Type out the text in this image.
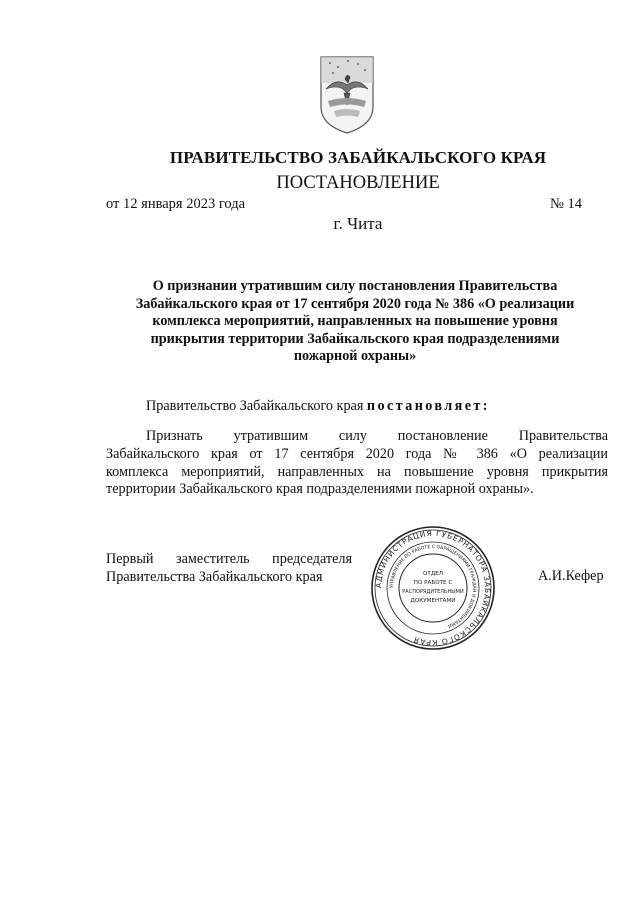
ПРАВИТЕЛЬСТВО ЗАБАЙКАЛЬСКОГО КРАЯ
ПОСТАНОВЛЕНИЕ
от 12 января 2023 года	№ 14
г. Чита
О признании утратившим силу постановления Правительства
Забайкальского края от 17 сентября 2020 года № 386 «О реализации
комплекса мероприятий, направленных на повышение уровня
прикрытия территории Забайкальского края подразделениями
пожарной охраны»
Правительство Забайкальского края постановляет:
Признать утратившим силу постановление Правительства
Забайкальского края от 17 сентября 2020 года № 386 «О реализации
комплекса мероприятий, направленных на повышение уровня прикрытия
территории Забайкальского края подразделениями пожарной охраны».
Первый заместитель председателя
Правительства Забайкальского края	А.И.Кефер
АДМИНИСТРАЦИЯ ГУБЕРНАТОРА ЗАБАЙКАЛЬСКОГО КРАЯ
УПРАВЛЕНИЕ ПО РАБОТЕ С ОБРАЩЕНИЯМИ ГРАЖДАН И ДОКУМЕНТАМИ
ОТДЕЛ
ПО РАБОТЕ С
РАСПОРЯДИТЕЛЬНЫМИ
ДОКУМЕНТАМИ
